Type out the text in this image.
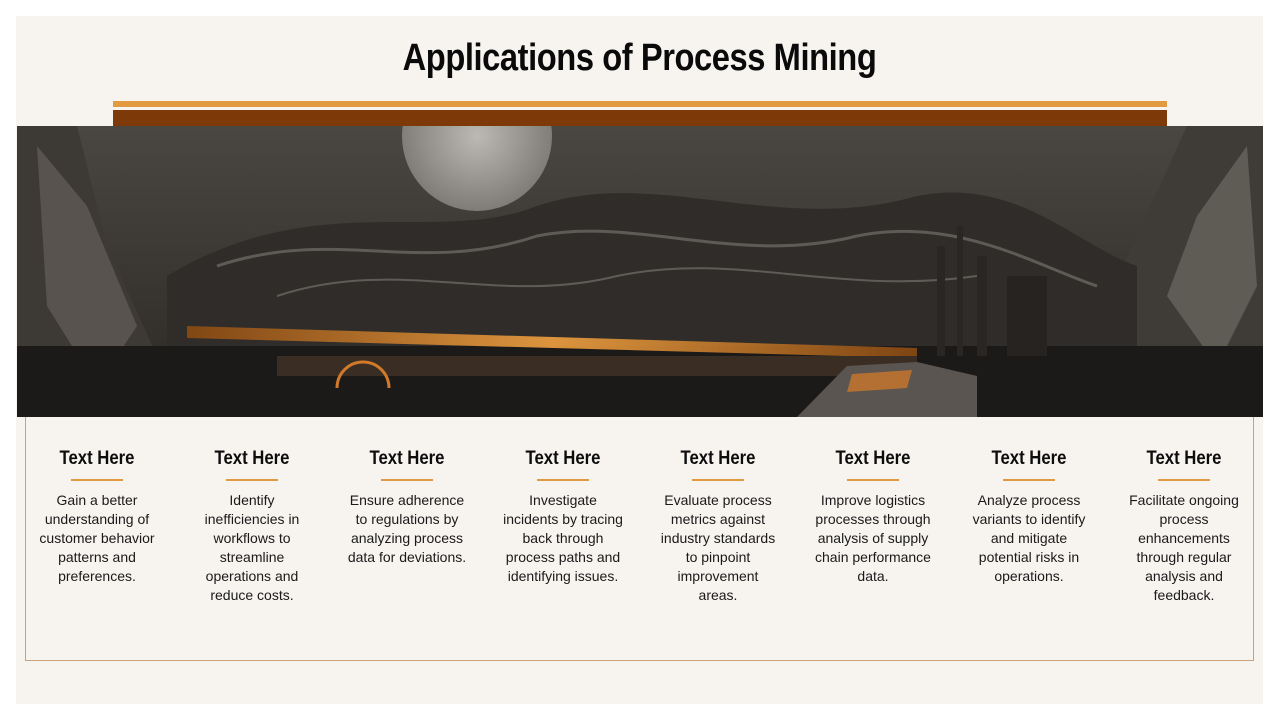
Applications of Process Mining
Text Here
Gain a better understanding of customer behavior patterns and preferences.
Text Here
Identify inefficiencies in workflows to streamline operations and reduce costs.
Text Here
Ensure adherence to regulations by analyzing process data for deviations.
Text Here
Investigate incidents by tracing back through process paths and identifying issues.
Text Here
Evaluate process metrics against industry standards to pinpoint improvement areas.
Text Here
Improve logistics processes through analysis of supply chain performance data.
Text Here
Analyze process variants to identify and mitigate potential risks in operations.
Text Here
Facilitate ongoing process enhancements through regular analysis and feedback.
